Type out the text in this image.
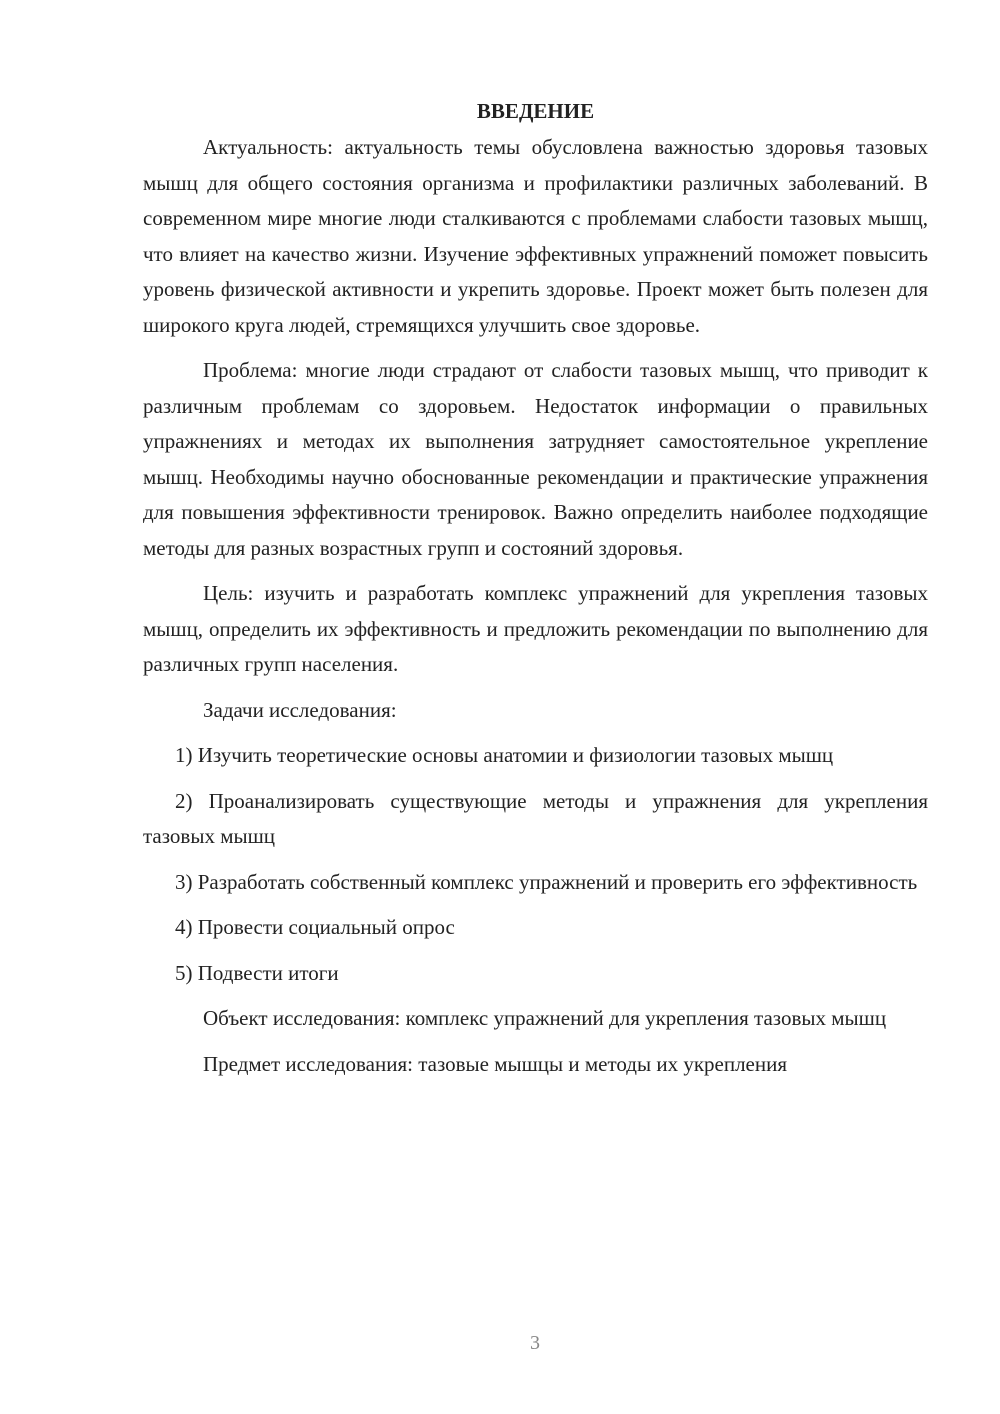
ВВЕДЕНИЕ

Актуальность: актуальность темы обусловлена важностью здоровья тазовых мышц для общего состояния организма и профилактики различных заболеваний. В современном мире многие люди сталкиваются с проблемами слабости тазовых мышц, что влияет на качество жизни. Изучение эффективных упражнений поможет повысить уровень физической активности и укрепить здоровье. Проект может быть полезен для широкого круга людей, стремящихся улучшить свое здоровье.

Проблема: многие люди страдают от слабости тазовых мышц, что приводит к различным проблемам со здоровьем. Недостаток информации о правильных упражнениях и методах их выполнения затрудняет самостоятельное укрепление мышц. Необходимы научно обоснованные рекомендации и практические упражнения для повышения эффективности тренировок. Важно определить наиболее подходящие методы для разных возрастных групп и состояний здоровья.

Цель: изучить и разработать комплекс упражнений для укрепления тазовых мышц, определить их эффективность и предложить рекомендации по выполнению для различных групп населения.

Задачи исследования:

1) Изучить теоретические основы анатомии и физиологии тазовых мышц

2) Проанализировать существующие методы и упражнения для укрепления тазовых мышц

3) Разработать собственный комплекс упражнений и проверить его эффективность

4) Провести социальный опрос

5) Подвести итоги

Объект исследования: комплекс упражнений для укрепления тазовых мышц

Предмет исследования: тазовые мышцы и методы их укрепления

3
